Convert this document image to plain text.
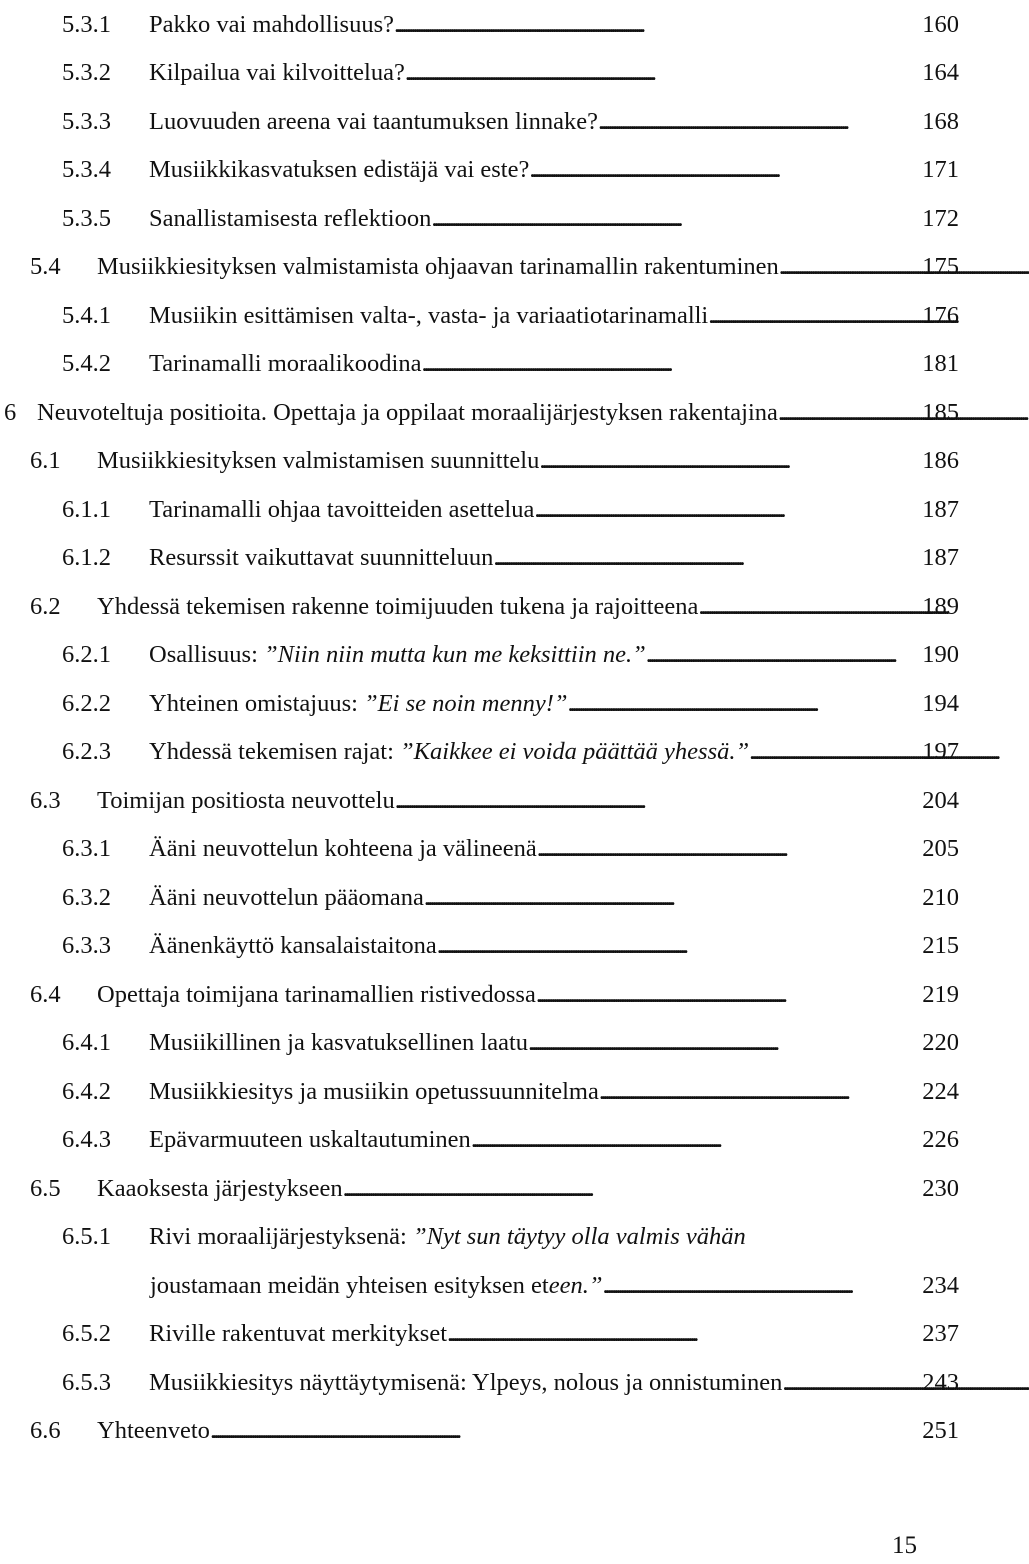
5.3.1	Pakko vai mahdollisuus? . . .	160
5.3.2	Kilpailua vai kilvoittelua? . . .	164
5.3.3	Luovuuden areena vai taantumuksen linnake? . . .	168
5.3.4	Musiikkikasvatuksen edistäjä vai este? . . .	171
5.3.5	Sanallistamisesta reflektioon . . .	172
5.4	Musiikkiesityksen valmistamista ohjaavan tarinamallin rakentuminen . . .	175
5.4.1	Musiikin esittämisen valta-, vasta- ja variaatiotarinamalli . . .	176
5.4.2	Tarinamalli moraalikoodina . . .	181
6 Neuvoteltuja positioita. Opettaja ja oppilaat moraalijärjestyksen rakentajina . . .	185
6.1	Musiikkiesityksen valmistamisen suunnittelu . . .	186
6.1.1	Tarinamalli ohjaa tavoitteiden asettelua . . .	187
6.1.2	Resurssit vaikuttavat suunnitteluun . . .	187
6.2	Yhdessä tekemisen rakenne toimijuuden tukena ja rajoitteena . . .	189
6.2.1	Osallisuus: ”Niin niin mutta kun me keksittiin ne.” . . .	190
6.2.2	Yhteinen omistajuus: ”Ei se noin menny!” . . .	194
6.2.3	Yhdessä tekemisen rajat: ”Kaikkee ei voida päättää yhessä.” . . .	197
6.3	Toimijan positiosta neuvottelu . . .	204
6.3.1	Ääni neuvottelun kohteena ja välineenä . . .	205
6.3.2	Ääni neuvottelun pääomana . . .	210
6.3.3	Äänenkäyttö kansalaistaitona . . .	215
6.4	Opettaja toimijana tarinamallien ristivedossa . . .	219
6.4.1	Musiikillinen ja kasvatuksellinen laatu . . .	220
6.4.2	Musiikkiesitys ja musiikin opetussuunnitelma . . .	224
6.4.3	Epävarmuuteen uskaltautuminen . . .	226
6.5	Kaaoksesta järjestykseen . . .	230
6.5.1	Rivi moraalijärjestyksenä: ”Nyt sun täytyy olla valmis vähän
joustamaan meidän yhteisen esityksen eteen.” . . .	234
6.5.2	Riville rakentuvat merkitykset . . .	237
6.5.3	Musiikkiesitys näyttäytymisenä: Ylpeys, nolous ja onnistuminen . . .	243
6.6	Yhteenveto . . .	251
15
